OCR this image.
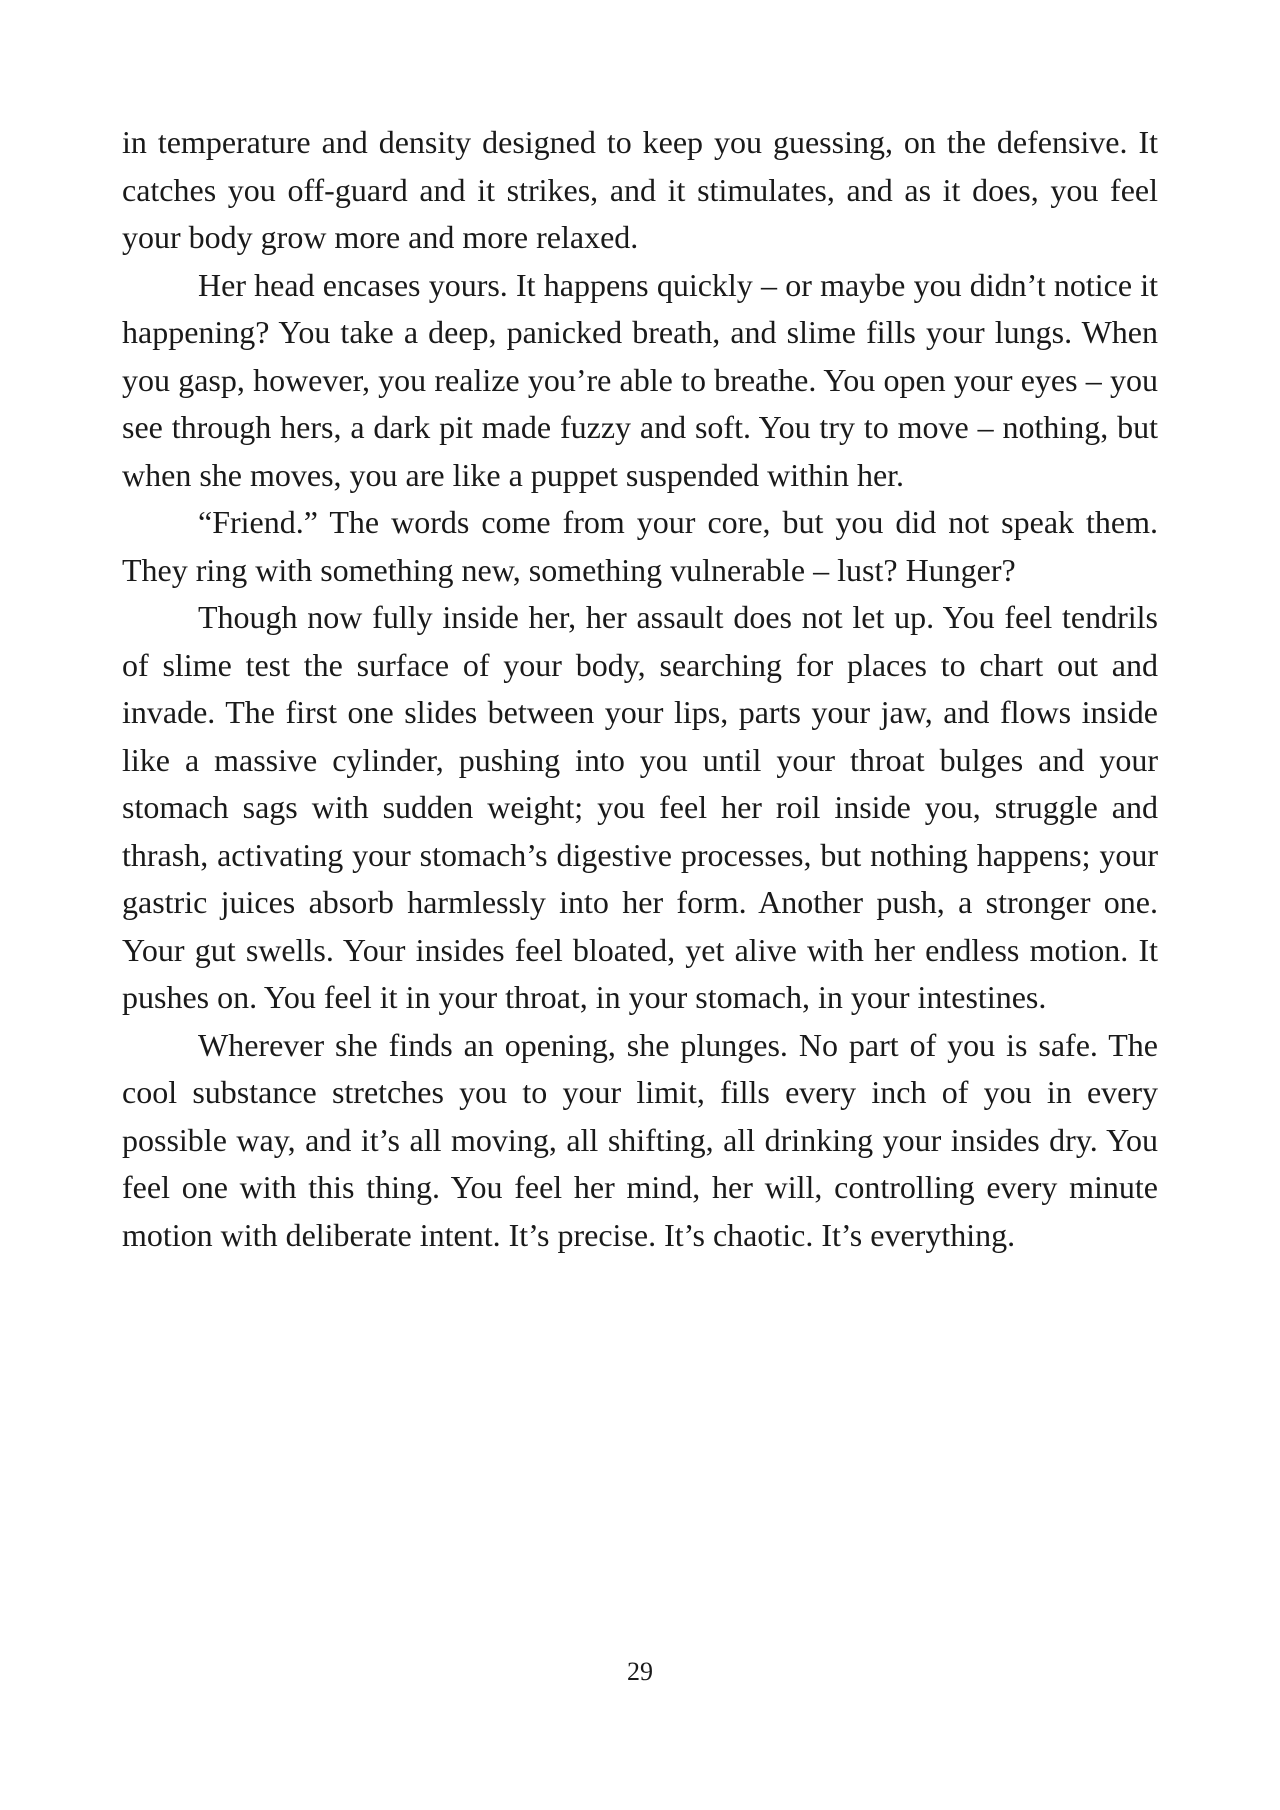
in temperature and density designed to keep you guessing, on the defensive. It catches you off-guard and it strikes, and it stimulates, and as it does, you feel your body grow more and more relaxed.

Her head encases yours. It happens quickly – or maybe you didn’t notice it happening? You take a deep, panicked breath, and slime fills your lungs. When you gasp, however, you realize you’re able to breathe. You open your eyes – you see through hers, a dark pit made fuzzy and soft. You try to move – nothing, but when she moves, you are like a puppet suspended within her.

“Friend.” The words come from your core, but you did not speak them. They ring with something new, something vulnerable – lust? Hunger?

Though now fully inside her, her assault does not let up. You feel tendrils of slime test the surface of your body, searching for places to chart out and invade. The first one slides between your lips, parts your jaw, and flows inside like a massive cylinder, pushing into you until your throat bulges and your stomach sags with sudden weight; you feel her roil inside you, struggle and thrash, activating your stomach’s digestive processes, but nothing happens; your gastric juices absorb harmlessly into her form. Another push, a stronger one. Your gut swells. Your insides feel bloated, yet alive with her endless motion. It pushes on. You feel it in your throat, in your stomach, in your intestines.

Wherever she finds an opening, she plunges. No part of you is safe. The cool substance stretches you to your limit, fills every inch of you in every possible way, and it’s all moving, all shifting, all drinking your insides dry. You feel one with this thing. You feel her mind, her will, controlling every minute motion with deliberate intent. It’s precise. It’s chaotic. It’s everything.

29
